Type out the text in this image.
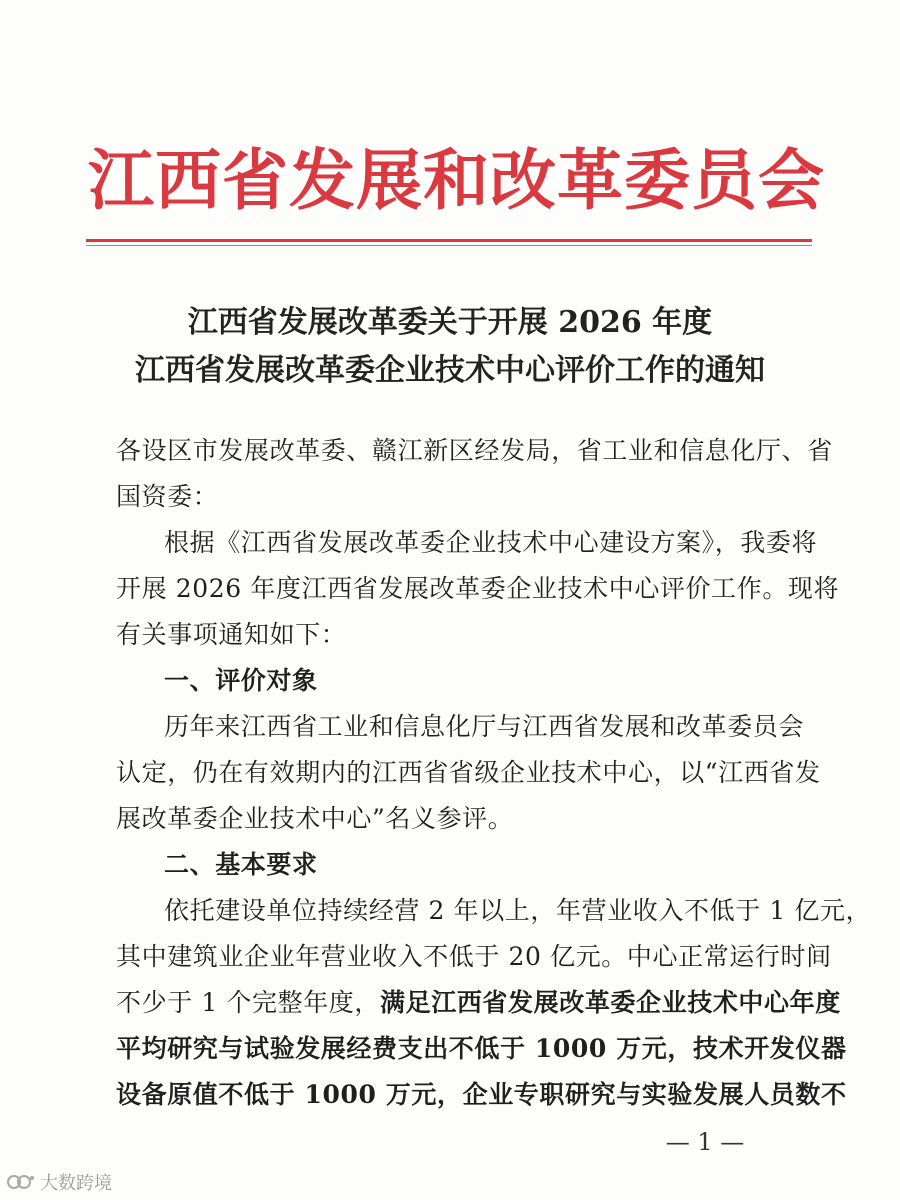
江西省发展和改革委员会
江西省发展改革委关于开展 2026 年度
江西省发展改革委企业技术中心评价工作的通知
各设区市发展改革委、赣江新区经发局，省工业和信息化厅、省
国资委：
根据《江西省发展改革委企业技术中心建设方案》，我委将
开展 2026 年度江西省发展改革委企业技术中心评价工作。现将
有关事项通知如下：
一、评价对象
历年来江西省工业和信息化厅与江西省发展和改革委员会
认定，仍在有效期内的江西省省级企业技术中心，以“江西省发
展改革委企业技术中心”名义参评。
二、基本要求
依托建设单位持续经营 2 年以上，年营业收入不低于 1 亿元，
其中建筑业企业年营业收入不低于 20 亿元。中心正常运行时间
不少于 1 个完整年度，满足江西省发展改革委企业技术中心年度
平均研究与试验发展经费支出不低于 1000 万元，技术开发仪器
设备原值不低于 1000 万元，企业专职研究与实验发展人员数不
— 1 —
大数跨境
